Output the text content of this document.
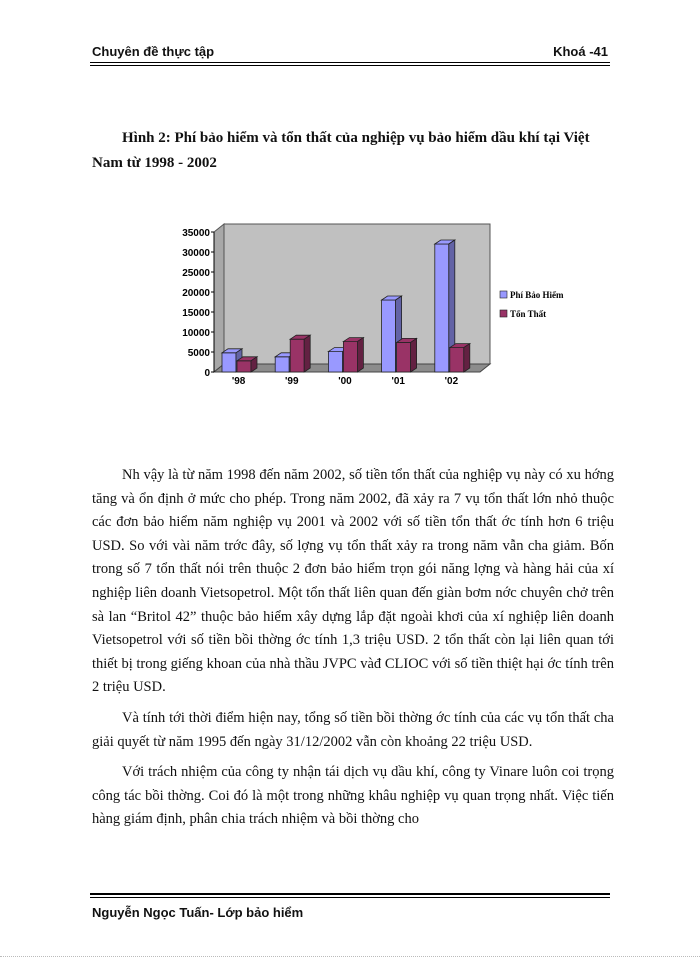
Chuyên đề thực tập	Khoá -41
Hình 2: Phí bảo hiểm và tổn thất của nghiệp vụ bảo hiểm dầu khí tại Việt Nam từ 1998 - 2002
0
5000
10000
15000
20000
25000
30000
35000
'98	'99	'00	'01	'02
Phí Bảo Hiểm
Tổn Thất

Nh vậy là từ năm 1998 đến năm 2002, số tiền tổn thất của nghiệp vụ này có xu hớng tăng và ổn định ở mức cho phép. Trong năm 2002, đã xảy ra 7 vụ tổn thất lớn nhỏ thuộc các đơn bảo hiểm năm nghiệp vụ 2001 và 2002 với số tiền tổn thất ớc tính hơn 6 triệu USD. So với vài năm trớc đây, số lợng vụ tổn thất xảy ra trong năm vẫn cha giảm. Bốn trong số 7 tổn thất nói trên thuộc 2 đơn bảo hiểm trọn gói năng lợng và hàng hải của xí nghiệp liên doanh Vietsopetrol. Một tổn thất liên quan đến giàn bơm nớc chuyên chở trên sà lan “Britol 42” thuộc bảo hiểm xây dựng lắp đặt ngoài khơi của xí nghiệp liên doanh Vietsopetrol với số tiền bồi thờng ớc tính 1,3 triệu USD. 2 tổn thất còn lại liên quan tới thiết bị trong giếng khoan của nhà thầu JVPC vàđ CLIOC với số tiền thiệt hại ớc tính trên 2 triệu USD.

Và tính tới thời điểm hiện nay, tổng số tiền bồi thờng ớc tính của các vụ tổn thất cha giải quyết từ năm 1995 đến ngày 31/12/2002 vẫn còn khoảng 22 triệu USD.

Với trách nhiệm của công ty nhận tái dịch vụ dầu khí, công ty Vinare luôn coi trọng công tác bồi thờng. Coi đó là một trong những khâu nghiệp vụ quan trọng nhất. Việc tiến hàng giám định, phân chia trách nhiệm và bồi thờng cho

Nguyễn Ngọc Tuấn- Lớp bảo hiểm
